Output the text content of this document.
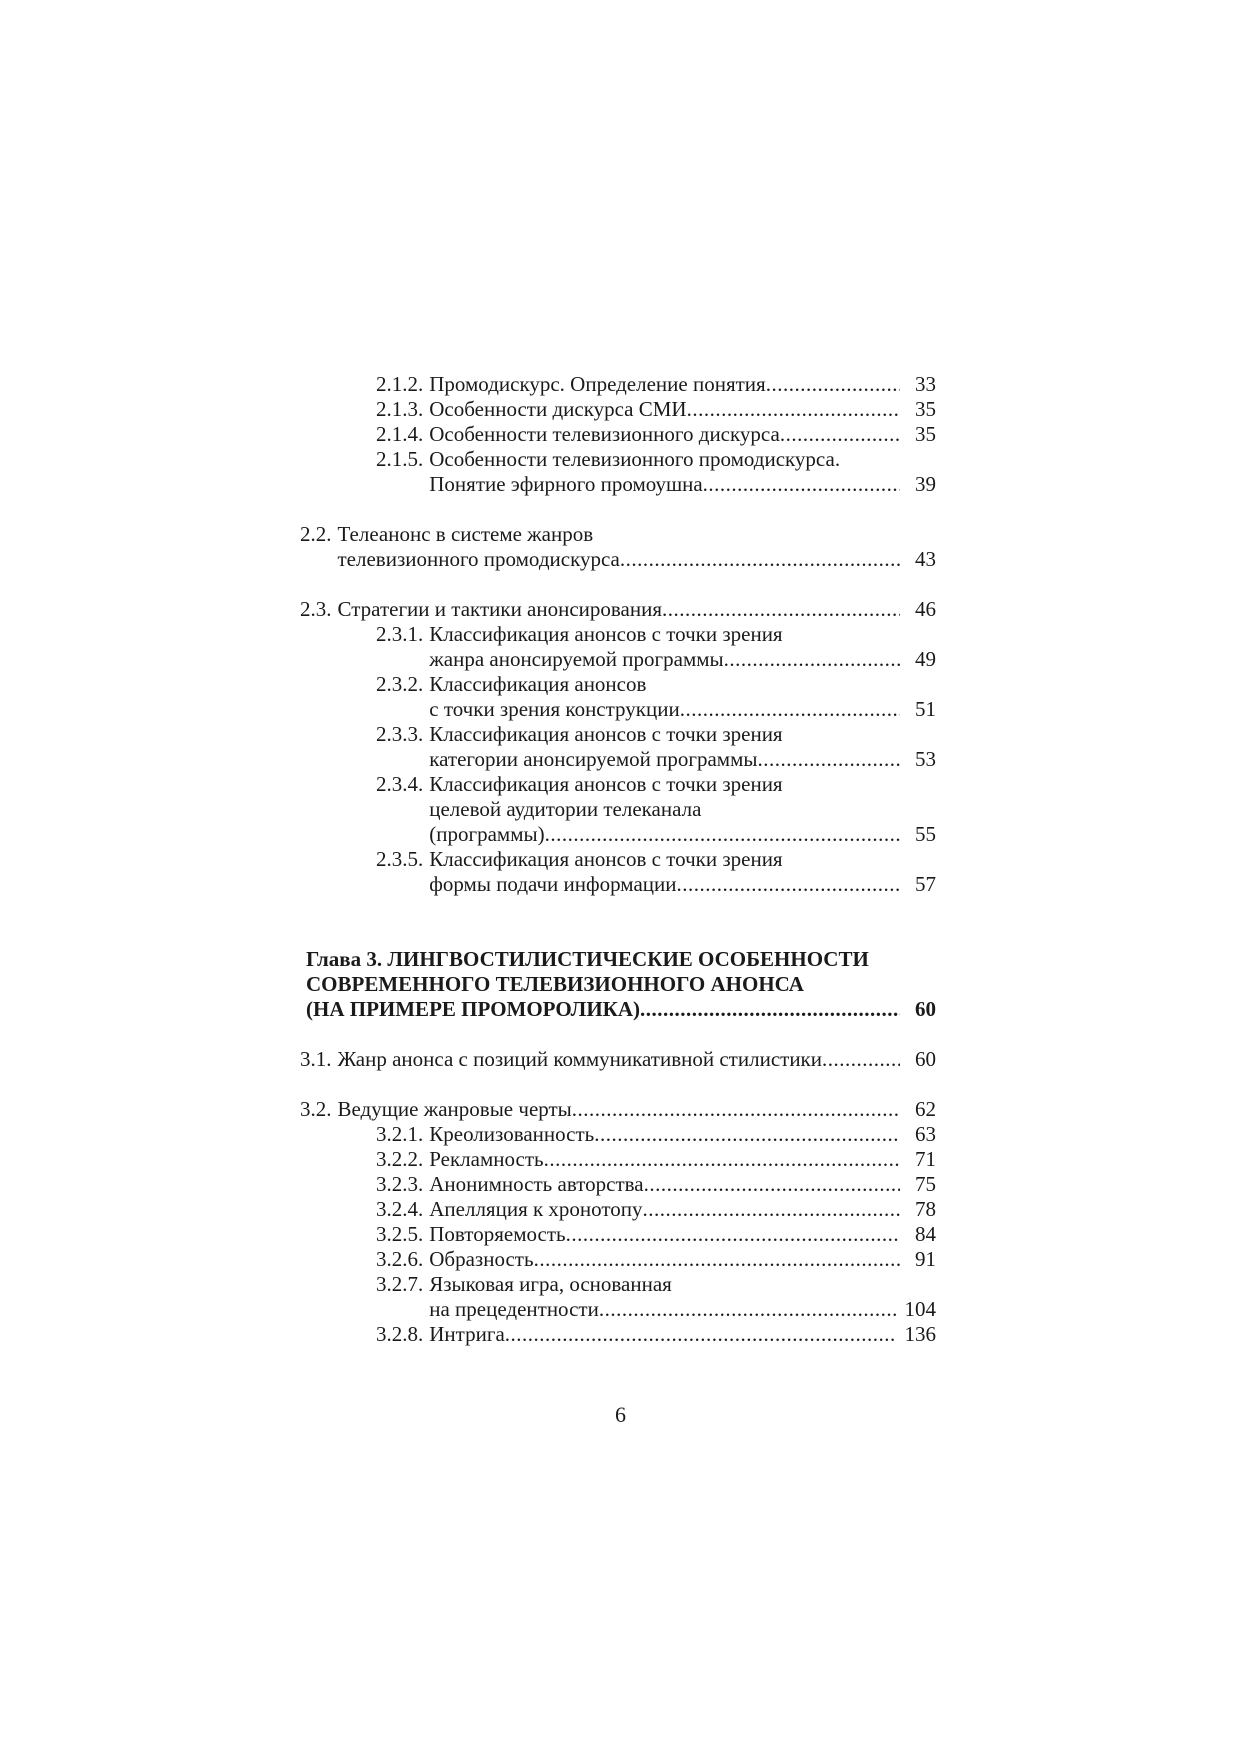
2.1.2. Промодискурс. Определение понятия .....	33
2.1.3. Особенности дискурса СМИ .....	35
2.1.4. Особенности телевизионного дискурса .....	35
2.1.5. Особенности телевизионного промодискурса.
Понятие эфирного промоушна .....	39
2.2. Телеанонс в системе жанров
телевизионного промодискурса .....	43
2.3. Стратегии и тактики анонсирования .....	46
2.3.1. Классификация анонсов с точки зрения
жанра анонсируемой программы .....	49
2.3.2. Классификация анонсов
с точки зрения конструкции .....	51
2.3.3. Классификация анонсов с точки зрения
категории анонсируемой программы .....	53
2.3.4. Классификация анонсов с точки зрения
целевой аудитории телеканала
(программы) .....	55
2.3.5. Классификация анонсов с точки зрения
формы подачи информации .....	57
Глава 3. ЛИНГВОСТИЛИСТИЧЕСКИЕ ОСОБЕННОСТИ
СОВРЕМЕННОГО ТЕЛЕВИЗИОННОГО АНОНСА
(НА ПРИМЕРЕ ПРОМОРОЛИКА) .....	60
3.1. Жанр анонса с позиций коммуникативной стилистики .....	60
3.2. Ведущие жанровые черты .....	62
3.2.1. Креолизованность .....	63
3.2.2. Рекламность .....	71
3.2.3. Анонимность авторства .....	75
3.2.4. Апелляция к хронотопу .....	78
3.2.5. Повторяемость .....	84
3.2.6. Образность .....	91
3.2.7. Языковая игра, основанная
на прецедентности .....	104
3.2.8. Интрига .....	136
6
